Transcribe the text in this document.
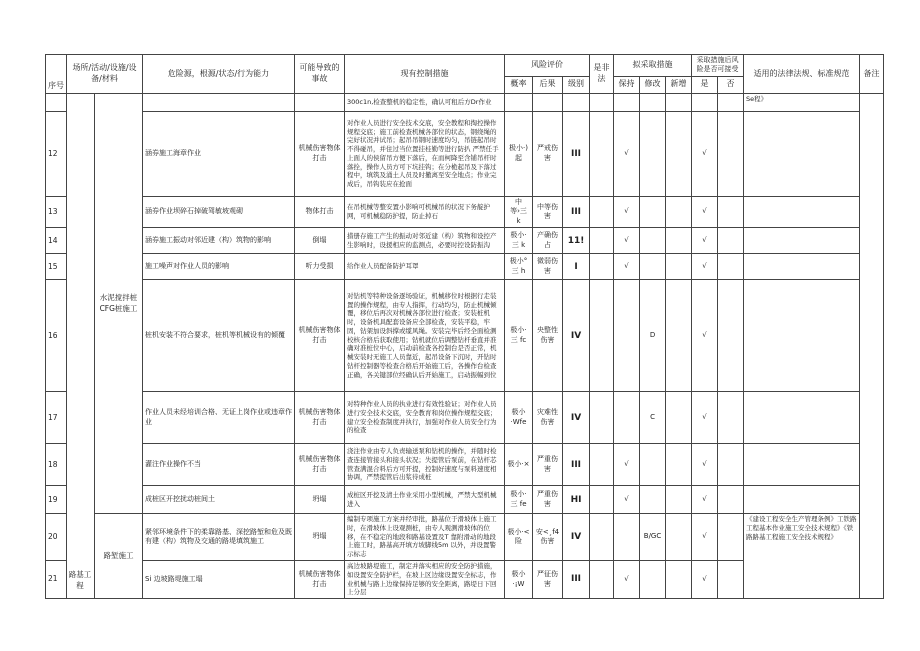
序号	场所/活动/设施/设备/材料		危险源，根源/状态/行为能力	可能导致的事故	现有控制措施	风险评价			是非法	拟采取措施			采取措施后风险是否可接受		适用的法律法规、标准规范	备注
						概率	后果	级别		保持	修改	新增	是	否		
		水泥搅拌桩CFG桩施工			300c1n,检查整机的稳定性，确认可租后方Dr作业										Se程》	
12			涵券施工海章作业	机械伤害物体打击	对作业人员进行安全技术交底，安全教程和掏控操作规程交底；施工前检查机械各部位的状态，钢绕绳的完好状况并试吊；起吊吊钢时速度均匀，吊链起吊时不得碰吊，并住过当位置挂桂勤等进行防扒 严禁任手上面人的侯留吊方便下落后，在而柯降至含铺吊杆时落拴，操作人员方可下坑挂钩；在分桅起吊及下落过程中，填筑及涌土人员及时撤离至安全地点；作业完成后，吊钩装应在抢面	极小·)起	严戒伤害	III		√			√			
13			涵券作业坝碎石掉破驾敏坡观砌	物体打击	在吊机械等整安置小影响可机械吊的状况下务靛护网，可机械稳防护提，防止掉石	中等›三 k	中等伤害	III		√			√			
14			涵券施工振动对邻近建（构）筑物的影响	倒塌	措册存施工产生的振动对邻近建（构）筑物和设控产生影响时，设援相应的监测点，必要时控设防振沟	极小·三 k	产确伤占	11!		√			√			
15			施工噪声对作业人员的影响	听力受损	给作业人员配备防护耳罩	极小°三 h	微弱伤害	I		√			√			
16			桩机安装不符合要求，桩机等机械设有的倾覆	机械伤害物体打击	对钻机等特种设备逐场验证，机械移位时根据行走装置的操作规程，由专人指挥，行动均匀，防止机械倾覆，移位后再次对机械各部位进行检查；安装桩机时，设备机具配套设备应全部检查，安装平稳，牢固，钻架加设斜撑或缆风绳。安装完毕后经全面检测校核合格后获取使用；钻机就位后调整钻杆垂直并准确对准桩位中心，启动前检查各控制台是否正常，机械安装时无施工人员靠近，起吊设备下沉时，开钻时钻杆控制器等检查合格后开始施工后，各操作台检查正确，各关键部位经确认后开始施工，启动振幅到位	极小·三 fc	央整性伤害	IV			D		√			
17			作业人员未经培训合格、无证上岗作业或违章作业	机械伤害物体打击	对特种作业人员的执业进行有效性验证；对作业人员进行安全技术交底，安全教育和岗位操作规程交底；建立安全检查制度并执行，加强对作业人员安全行为的检查	极小·Wfe	灾难性伤害	IV			C		√			
18			灌注作业操作不当	机械伤害物体打击	浇注作业由专人负责输送泵和钻机的操作，并随时检查连接管接头和接头状况；失提管后泵前，在钻杆芯管查满混合料后方可开提，控制好速度与泵料速度相协调，严禁提管后出浆待成桩	极小·×	严重伤害	III		√			√			
19			成桩区开挖扰动桩间土	坍塌	成桩区开挖及清土作业采用小型机械，严禁大型机械进入	极小·三 fe	严重伤害	HI		√			√			
20		路堑施工	紧邻环境条件下的柔靠路基、深挖路堑和危及既有建（构）筑物及交通的路堤填筑施工	坍塌	编制专项施工方案并经审批，路基位于滑坡体上施工时，在滑坡体上设观测桩，由专人观测滑坡体的位移，在不稳定的地段和路基设置及T 靠附滑动的地段上施工时，路基高开填方坡脚线5m 以外，并设置警示标志	极小·<险	安<¸f4伤害	IV			B/GC		√		《建设工程安全生产管理条例》工铁路工程基本作业施工安全技术规程》《铁路路基工程施工安全技术规程》	
21			Si 边坡路堤施工塌	机械伤害物体打击	高边坡路堤施工，制定并落实相应的安全防护措施，如设置安全防护栏，在坡上区边缘设置安全标志，作业机械与路上边缘保持足够的安全距离，路堤日下回上分层	极小·¡W	严征伤害	III		√			√			
路基工程
